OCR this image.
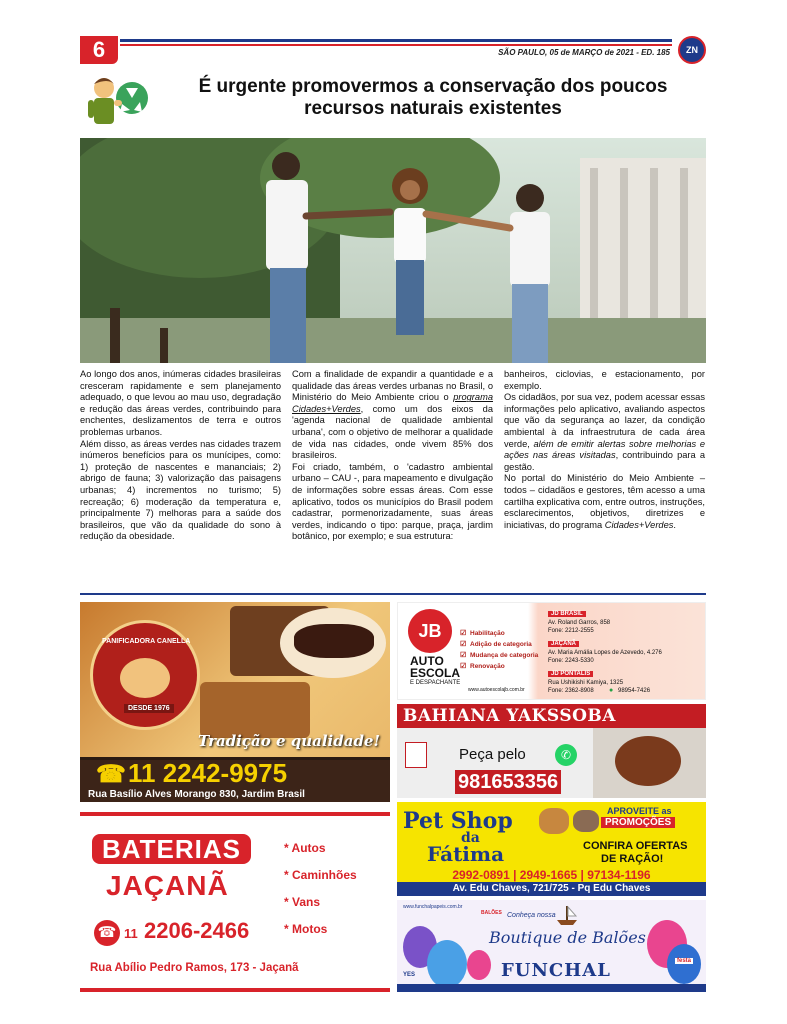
6	SÃO PAULO, 05 de MARÇO de 2021 - ED. 185	ZN
É urgente promovermos a conservação dos poucos
recursos naturais existentes

Ao longo dos anos, inúmeras cidades brasileiras cresceram rapidamente e sem planejamento adequado, o que levou ao mau uso, degradação e redução das áreas verdes, contribuindo para enchentes, deslizamentos de terra e outros problemas urbanos.

Além disso, as áreas verdes nas cidades trazem inúmeros benefícios para os munícipes, como: 1) proteção de nascentes e mananciais; 2) abrigo de fauna; 3) valorização das paisagens urbanas; 4) incrementos no turismo; 5) recreação; 6) moderação da temperatura e, principalmente 7) melhoras para a saúde dos brasileiros, que vão da qualidade do sono à redução da obesidade.

Com a finalidade de expandir a quantidade e a qualidade das áreas verdes urbanas no Brasil, o Ministério do Meio Ambiente criou o programa Cidades+Verdes, como um dos eixos da 'agenda nacional de qualidade ambiental urbana', com o objetivo de melhorar a qualidade de vida nas cidades, onde vivem 85% dos brasileiros.

Foi criado, também, o 'cadastro ambiental urbano – CAU -, para mapeamento e divulgação de informações sobre essas áreas. Com esse aplicativo, todos os municípios do Brasil podem cadastrar, pormenorizadamente, suas áreas verdes, indicando o tipo: parque, praça, jardim botânico, por exemplo; e sua estrutura:

banheiros, ciclovias, e estacionamento, por exemplo.

Os cidadãos, por sua vez, podem acessar essas informações pelo aplicativo, avaliando aspectos que vão da segurança ao lazer, da condição ambiental à da infraestrutura de cada área verde, além de emitir alertas sobre melhorias e ações nas áreas visitadas, contribuindo para a gestão.

No portal do Ministério do Meio Ambiente – todos – cidadãos e gestores, têm acesso a uma cartilha explicativa com, entre outros, instruções, esclarecimentos, objetivos, diretrizes e iniciativas, do programa Cidades+Verdes.

PANIFICADORA CANELLA
DESDE 1976
Tradição e qualidade!
☎ 11 2242-9975
Rua Basílio Alves Morango 830, Jardim Brasil
BATERIAS
JAÇANÃ
* Autos
* Caminhões
* Vans
* Motos
☎ 11 2206-2466
Rua Abílio Pedro Ramos, 173 - Jaçanã
JB
AUTO
ESCOLA
E DESPACHANTE
☑ Habilitação
☑ Adição de categoria
☑ Mudança de categoria
☑ Renovação
www.autoescolajb.com.br
JD BRASIL
Av. Roland Garros, 858
Fone: 2212-2555
JAÇANÃ
Av. Maria Amália Lopes de Azevedo, 4.276
Fone: 2243-5330
JD PONTALIS
Rua Ushikishi Kamiya, 1325
Fone: 2362-8908 ● 98954-7426
BAHIANA YAKSSOBA
Peça pelo	✆
981653356
Pet Shop
da
Fátima
APROVEITE as
PROMOÇÕES
CONFIRA OFERTAS
DE RAÇÃO!
2992-0891 | 2949-1665 | 97134-1196
Av. Edu Chaves, 721/725 - Pq Edu Chaves
www.funchalpapeis.com.br
BALÕES Conheça nossa
Boutique de Balões
FUNCHAL
YES
festa
